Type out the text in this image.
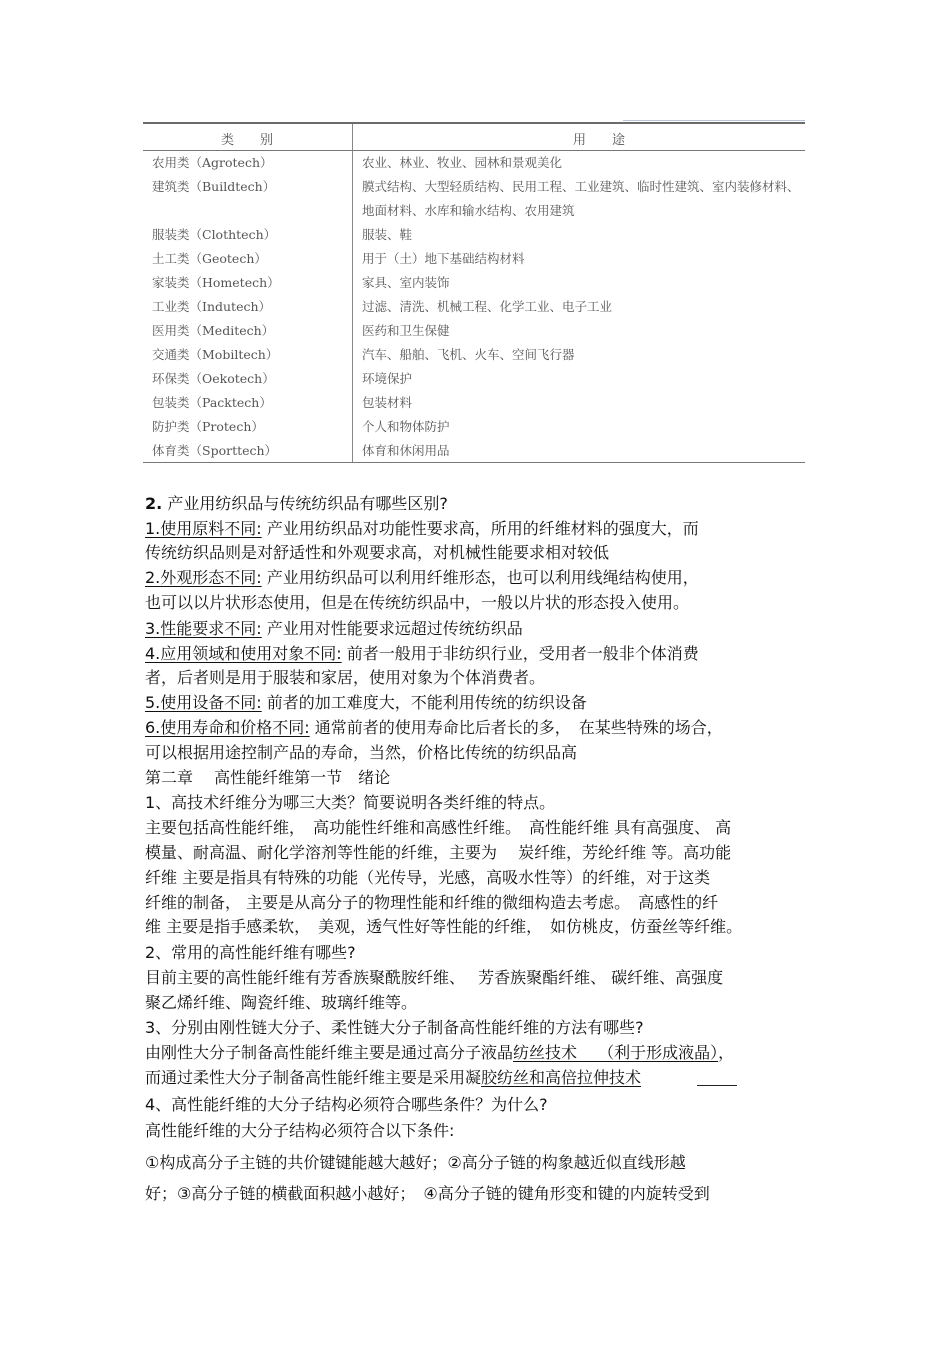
类　　别	用　　途
农用类（Agrotech）	农业、林业、牧业、园林和景观美化
建筑类（Buildtech）	膜式结构、大型轻质结构、民用工程、工业建筑、临时性建筑、室内装修材料、地面材料、水库和输水结构、农用建筑
服装类（Clothtech）	服装、鞋
土工类（Geotech）	用于（土）地下基础结构材料
家装类（Hometech）	家具、室内装饰
工业类（Indutech）	过滤、清洗、机械工程、化学工业、电子工业
医用类（Meditech）	医药和卫生保健
交通类（Mobiltech）	汽车、船舶、飞机、火车、空间飞行器
环保类（Oekotech）	环境保护
包装类（Packtech）	包装材料
防护类（Protech）	个人和物体防护
体育类（Sporttech）	体育和休闲用品
2. 产业用纺织品与传统纺织品有哪些区别?
1.使用原料不同: 产业用纺织品对功能性要求高，所用的纤维材料的强度大，而
传统纺织品则是对舒适性和外观要求高，对机械性能要求相对较低
2.外观形态不同: 产业用纺织品可以利用纤维形态，也可以利用线绳结构使用，
也可以以片状形态使用，但是在传统纺织品中，一般以片状的形态投入使用。
3.性能要求不同: 产业用对性能要求远超过传统纺织品
4.应用领域和使用对象不同: 前者一般用于非纺织行业，受用者一般非个体消费
者，后者则是用于服装和家居，使用对象为个体消费者。
5.使用设备不同: 前者的加工难度大，不能利用传统的纺织设备
6.使用寿命和价格不同: 通常前者的使用寿命比后者长的多，　在某些特殊的场合，
可以根据用途控制产品的寿命，当然，价格比传统的纺织品高
第二章　 高性能纤维第一节　绪论
1、高技术纤维分为哪三大类？简要说明各类纤维的特点。
主要包括高性能纤维，　高功能性纤维和高感性纤维。　高性能纤维 具有高强度、 高
模量、耐高温、耐化学溶剂等性能的纤维，主要为　 炭纤维，芳纶纤维 等。高功能
纤维 主要是指具有特殊的功能（光传导，光感，高吸水性等）的纤维，对于这类
纤维的制备， 主要是从高分子的物理性能和纤维的微细构造去考虑。　高感性的纤
维 主要是指手感柔软，　美观，透气性好等性能的纤维，　如仿桃皮，仿蚕丝等纤维。
2、常用的高性能纤维有哪些?
目前主要的高性能纤维有芳香族聚酰胺纤维、　 芳香族聚酯纤维、 碳纤维、高强度
聚乙烯纤维、陶瓷纤维、玻璃纤维等。
3、分别由刚性链大分子、柔性链大分子制备高性能纤维的方法有哪些?
由刚性大分子制备高性能纤维主要是通过高分子液晶纺丝技术　 （利于形成液晶），
而通过柔性大分子制备高性能纤维主要是采用凝胶纺丝和高倍拉伸技术
4、高性能纤维的大分子结构必须符合哪些条件？为什么?
高性能纤维的大分子结构必须符合以下条件:
①构成高分子主链的共价键键能越大越好；②高分子链的构象越近似直线形越
好；③高分子链的横截面积越小越好；　④高分子链的键角形变和键的内旋转受到
